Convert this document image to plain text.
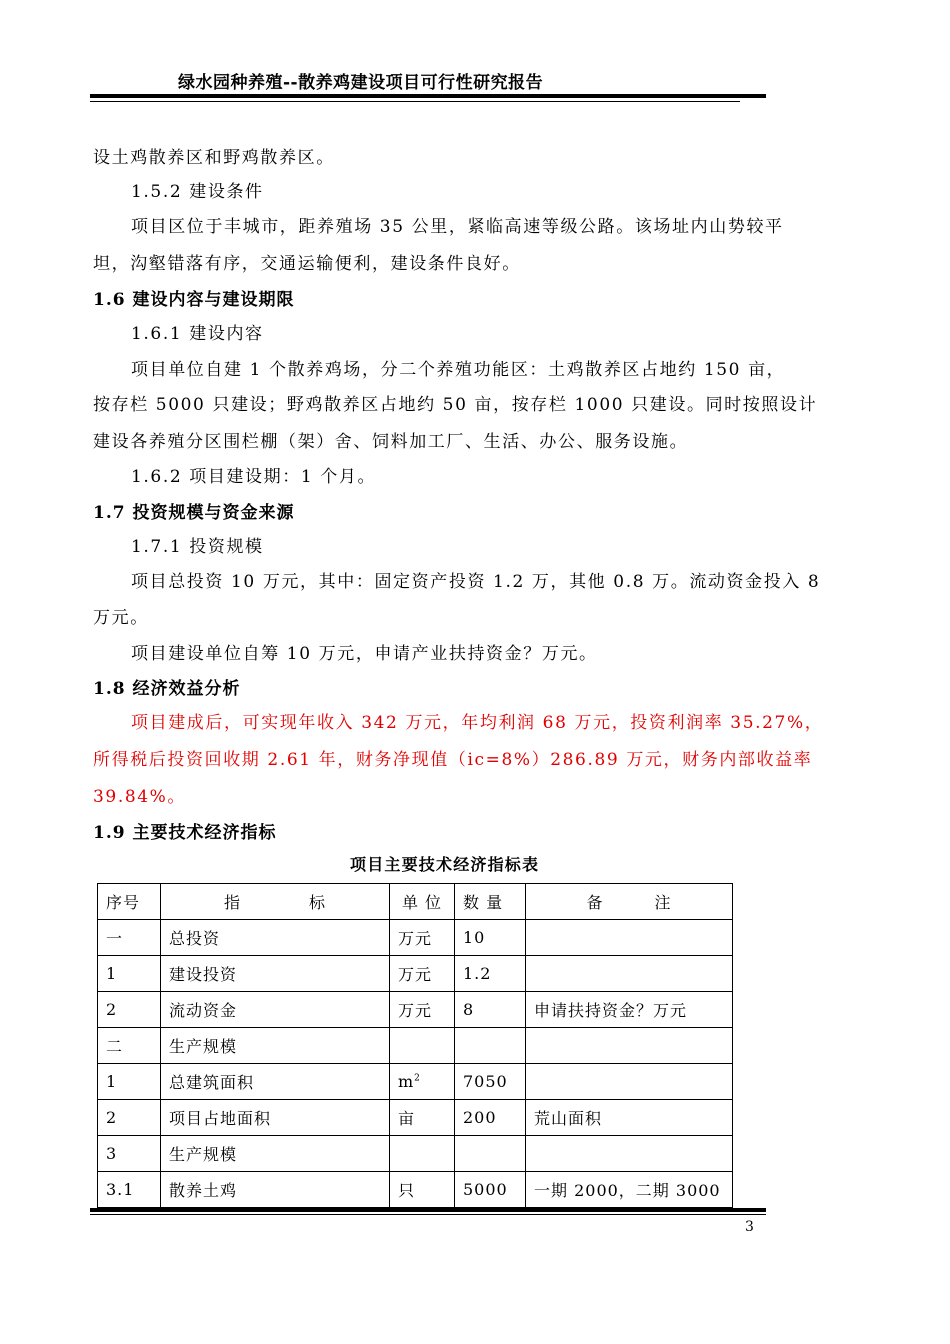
绿水园种养殖--散养鸡建设项目可行性研究报告
设土鸡散养区和野鸡散养区。
1.5.2 建设条件
项目区位于丰城市，距养殖场 35 公里，紧临高速等级公路。该场址内山势较平
坦，沟壑错落有序，交通运输便利，建设条件良好。
1.6 建设内容与建设期限
1.6.1 建设内容
项目单位自建 1 个散养鸡场，分二个养殖功能区：土鸡散养区占地约 150 亩，
按存栏 5000 只建设；野鸡散养区占地约 50 亩，按存栏 1000 只建设。同时按照设计
建设各养殖分区围栏棚（架）舍、饲料加工厂、生活、办公、服务设施。
1.6.2 项目建设期：1 个月。
1.7 投资规模与资金来源
1.7.1 投资规模
项目总投资 10 万元，其中：固定资产投资 1.2 万，其他 0.8 万。流动资金投入 8
万元。
项目建设单位自筹 10 万元，申请产业扶持资金？万元。
1.8 经济效益分析
项目建成后，可实现年收入 342 万元，年均利润 68 万元，投资利润率 35.27%，
所得税后投资回收期 2.61 年，财务净现值（ic=8%）286.89 万元，财务内部收益率
39.84%。
1.9 主要技术经济指标
项目主要技术经济指标表
序号	指　　　　标	单 位	数 量	备　　　注
一	总投资	万元	10	
1	建设投资	万元	1.2	
2	流动资金	万元	8	申请扶持资金？万元
二	生产规模			
1	总建筑面积	$m^2$	7050	
2	项目占地面积	亩	200	荒山面积
3	生产规模			
3.1	散养土鸡	只	5000	一期 2000，二期 3000
3
